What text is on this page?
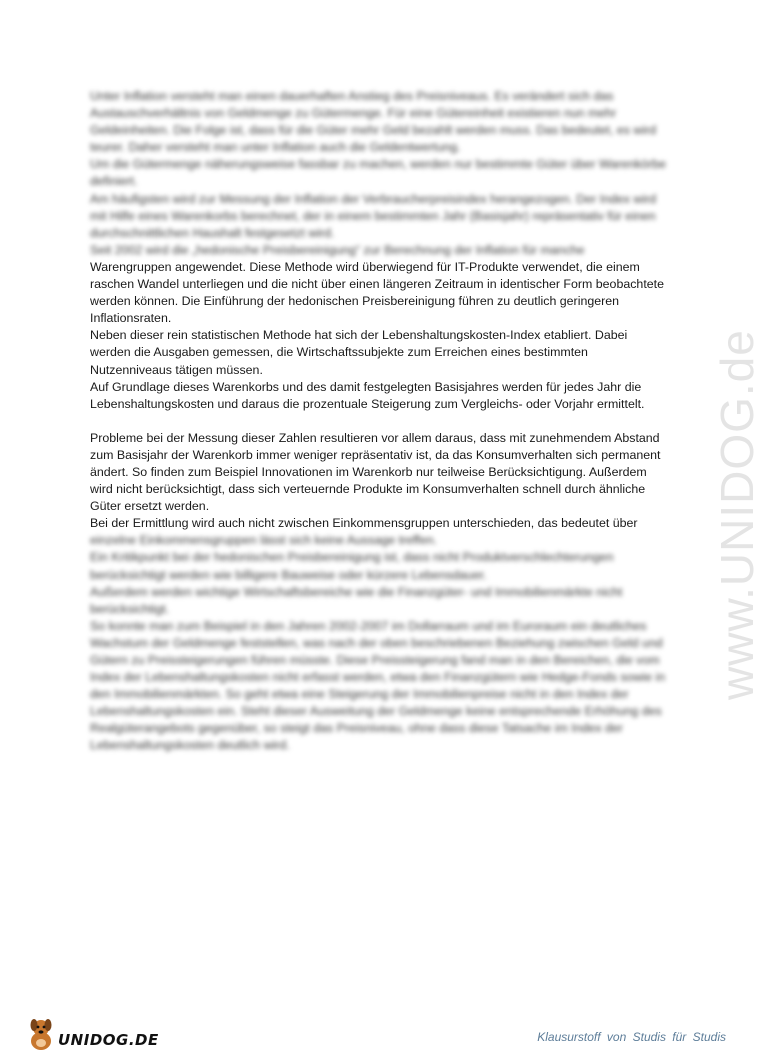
www.UNIDOG.de

Unter Inflation versteht man einen dauerhaften Anstieg des Preisniveaus. Es verändert sich das Austauschverhältnis von Geldmenge zu Gütermenge. Für eine Gütereinheit existieren nun mehr Geldeinheiten. Die Folge ist, dass für die Güter mehr Geld bezahlt werden muss. Das bedeutet, es wird teurer. Daher versteht man unter Inflation auch die Geldentwertung.

Um die Gütermenge näherungsweise fassbar zu machen, werden nur bestimmte Güter über Warenkörbe definiert.

Am häufigsten wird zur Messung der Inflation der Verbraucherpreisindex herangezogen. Der Index wird mit Hilfe eines Warenkorbs berechnet, der in einem bestimmten Jahr (Basisjahr) repräsentativ für einen durchschnittlichen Haushalt festgesetzt wird.

Seit 2002 wird die „hedonische Preisbereinigung“ zur Berechnung der Inflation für manche

Warengruppen angewendet. Diese Methode wird überwiegend für IT-Produkte verwendet, die einem raschen Wandel unterliegen und die nicht über einen längeren Zeitraum in identischer Form beobachtete werden können. Die Einführung der hedonischen Preisbereinigung führen zu deutlich geringeren Inflationsraten.

Neben dieser rein statistischen Methode hat sich der Lebenshaltungskosten-Index etabliert. Dabei werden die Ausgaben gemessen, die Wirtschaftssubjekte zum Erreichen eines bestimmten Nutzenniveaus tätigen müssen.

Auf Grundlage dieses Warenkorbs und des damit festgelegten Basisjahres werden für jedes Jahr die Lebenshaltungskosten und daraus die prozentuale Steigerung zum Vergleichs- oder Vorjahr ermittelt.

Probleme bei der Messung dieser Zahlen resultieren vor allem daraus, dass mit zunehmendem Abstand zum Basisjahr der Warenkorb immer weniger repräsentativ ist, da das Konsumverhalten sich permanent ändert. So finden zum Beispiel Innovationen im Warenkorb nur teilweise Berücksichtigung. Außerdem wird nicht berücksichtigt, dass sich verteuernde Produkte im Konsumverhalten schnell durch ähnliche Güter ersetzt werden.

Bei der Ermittlung wird auch nicht zwischen Einkommensgruppen unterschieden, das bedeutet über

einzelne Einkommensgruppen lässt sich keine Aussage treffen.

Ein Kritikpunkt bei der hedonischen Preisbereinigung ist, dass nicht Produktverschlechterungen berücksichtigt werden wie billigere Bauweise oder kürzere Lebensdauer.

Außerdem werden wichtige Wirtschaftsbereiche wie die Finanzgüter- und Immobilienmärkte nicht berücksichtigt.

So konnte man zum Beispiel in den Jahren 2002-2007 im Dollarraum und im Euroraum ein deutliches Wachstum der Geldmenge feststellen, was nach der oben beschriebenen Beziehung zwischen Geld und Gütern zu Preissteigerungen führen müsste. Diese Preissteigerung fand man in den Bereichen, die vom Index der Lebenshaltungskosten nicht erfasst werden, etwa den Finanzgütern wie Hedge-Fonds sowie in den Immobilienmärkten. So geht etwa eine Steigerung der Immobilienpreise nicht in den Index der Lebenshaltungskosten ein. Steht dieser Ausweitung der Geldmenge keine entsprechende Erhöhung des Realgüterangebots gegenüber, so steigt das Preisniveau, ohne dass diese Tatsache im Index der Lebenshaltungskosten deutlich wird.

UNIDOG.DE	Klausurstoff von Studis für Studis
